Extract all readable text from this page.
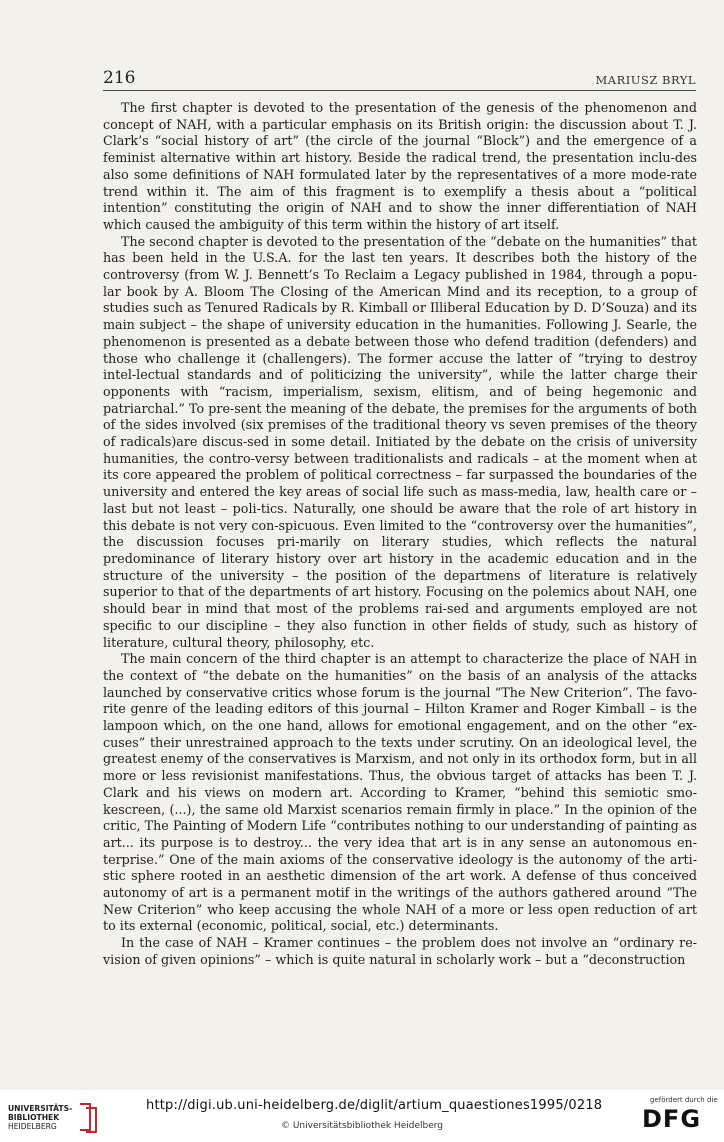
216	MARIUSZ BRYL

The first chapter is devoted to the presentation of the genesis of the phenomenon and concept of NAH, with a particular emphasis on its British origin: the discussion about T. J. Clark’s “social history of art” (the circle of the journal “Block”) and the emergence of a feminist alternative within art history. Beside the radical trend, the presentation inclu-des also some definitions of NAH formulated later by the representatives of a more mode-rate trend within it. The aim of this fragment is to exemplify a thesis about a “political intention” constituting the origin of NAH and to show the inner differentiation of NAH which caused the ambiguity of this term within the history of art itself.

The second chapter is devoted to the presentation of the “debate on the humanities” that has been held in the U.S.A. for the last ten years. It describes both the history of the controversy (from W. J. Bennett’s To Reclaim a Legacy published in 1984, through a popu-lar book by A. Bloom The Closing of the American Mind and its reception, to a group of studies such as Tenured Radicals by R. Kimball or Illiberal Education by D. D’Souza) and its main subject – the shape of university education in the humanities. Following J. Searle, the phenomenon is presented as a debate between those who defend tradition (defenders) and those who challenge it (challengers). The former accuse the latter of “trying to destroy intel-lectual standards and of politicizing the university”, while the latter charge their opponents with “racism, imperialism, sexism, elitism, and of being hegemonic and patriarchal.” To pre-sent the meaning of the debate, the premises for the arguments of both of the sides involved (six premises of the traditional theory vs seven premises of the theory of radicals)are discus-sed in some detail. Initiated by the debate on the crisis of university humanities, the contro-versy between traditionalists and radicals – at the moment when at its core appeared the problem of political correctness – far surpassed the boundaries of the university and entered the key areas of social life such as mass-media, law, health care or – last but not least – poli-tics. Naturally, one should be aware that the role of art history in this debate is not very con-spicuous. Even limited to the “controversy over the humanities”, the discussion focuses pri-marily on literary studies, which reflects the natural predominance of literary history over art history in the academic education and in the structure of the university – the position of the departmens of literature is relatively superior to that of the departments of art history. Focusing on the polemics about NAH, one should bear in mind that most of the problems rai-sed and arguments employed are not specific to our discipline – they also function in other fields of study, such as history of literature, cultural theory, philosophy, etc.

The main concern of the third chapter is an attempt to characterize the place of NAH in the context of “the debate on the humanities” on the basis of an analysis of the attacks launched by conservative critics whose forum is the journal “The New Criterion”. The favo-rite genre of the leading editors of this journal – Hilton Kramer and Roger Kimball – is the lampoon which, on the one hand, allows for emotional engagement, and on the other “ex-cuses” their unrestrained approach to the texts under scrutiny. On an ideological level, the greatest enemy of the conservatives is Marxism, and not only in its orthodox form, but in all more or less revisionist manifestations. Thus, the obvious target of attacks has been T. J. Clark and his views on modern art. According to Kramer, “behind this semiotic smo-kescreen, (...), the same old Marxist scenarios remain firmly in place.” In the opinion of the critic, The Painting of Modern Life “contributes nothing to our understanding of painting as art... its purpose is to destroy... the very idea that art is in any sense an autonomous en-terprise.” One of the main axioms of the conservative ideology is the autonomy of the arti-stic sphere rooted in an aesthetic dimension of the art work. A defense of thus conceived autonomy of art is a permanent motif in the writings of the authors gathered around “The New Criterion” who keep accusing the whole NAH of a more or less open reduction of art to its external (economic, political, social, etc.) determinants.

In the case of NAH – Kramer continues – the problem does not involve an “ordinary re-vision of given opinions” – which is quite natural in scholarly work – but a “deconstruction

UNIVERSITÄTS-
BIBLIOTHEK
HEIDELBERG
http://digi.ub.uni-heidelberg.de/diglit/artium_quaestiones1995/0218
© Universitätsbibliothek Heidelberg
gefördert durch die
DFG
